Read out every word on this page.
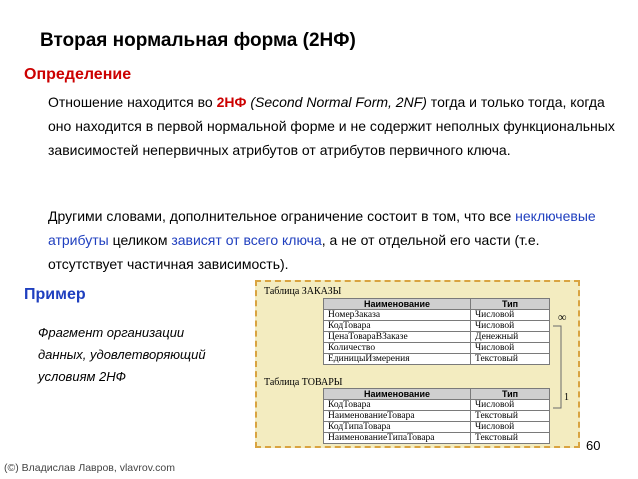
Вторая нормальная форма (2НФ)
Определение
Отношение находится во 2НФ (Second Normal Form, 2NF) тогда и только тогда, когда оно находится в первой нормальной форме и не содержит неполных функциональных зависимостей непервичных атрибутов от атрибутов первичного ключа.
Другими словами, дополнительное ограничение состоит в том, что все неключевые атрибуты целиком зависят от всего ключа, а не от отдельной его части (т.е. отсутствует частичная зависимость).
Пример
Фрагмент организации
данных, удовлетворяющий
условиям 2НФ
Таблица ЗАКАЗЫ
Наименование	Тип
НомерЗаказа	Числовой
КодТовара	Числовой
ЦенаТовараВЗаказе	Денежный
Количество	Числовой
ЕдиницыИзмерения	Текстовый
Таблица ТОВАРЫ
Наименование	Тип
КодТовара	Числовой
НаименованиеТовара	Текстовый
КодТипаТовара	Числовой
НаименованиеТипаТовара	Текстовый
∞
1
60
(©) Владислав Лавров, vlavrov.com
